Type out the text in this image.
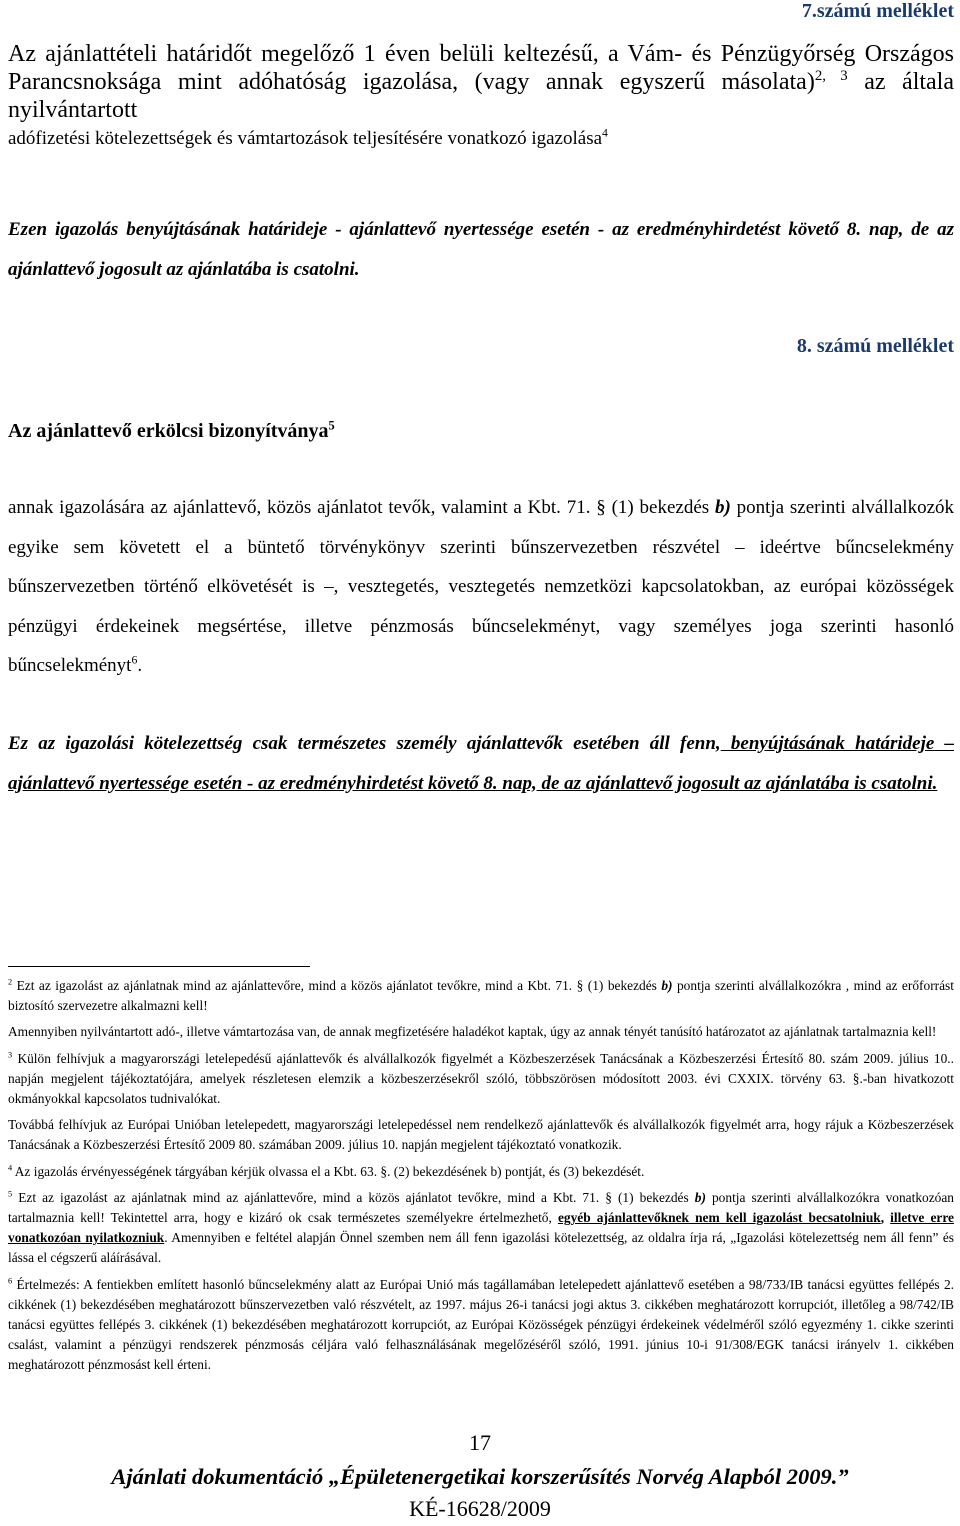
7.számú melléklet
Az ajánlattételi határidőt megelőző 1 éven belüli keltezésű, a Vám- és Pénzügyőrség Országos Parancsnoksága mint adóhatóság igazolása, (vagy annak egyszerű másolata)$^{2, 3}$ az általa nyilvántartott
adófizetési kötelezettségek és vámtartozások teljesítésére vonatkozó igazolása$^4$
Ezen igazolás benyújtásának határideje - ajánlattevő nyertessége esetén - az eredményhirdetést követő 8. nap, de az ajánlattevő jogosult az ajánlatába is csatolni.
8. számú melléklet
Az ajánlattevő erkölcsi bizonyítványa$^5$
annak igazolására az ajánlattevő, közös ajánlatot tevők, valamint a Kbt. 71. § (1) bekezdés b) pontja szerinti alvállalkozók egyike sem követett el a büntető törvénykönyv szerinti bűnszervezetben részvétel – ideértve bűncselekmény bűnszervezetben történő elkövetését is –, vesztegetés, vesztegetés nemzetközi kapcsolatokban, az európai közösségek pénzügyi érdekeinek megsértése, illetve pénzmosás bűncselekményt, vagy személyes joga szerinti hasonló bűncselekményt$^6$.
Ez az igazolási kötelezettség csak természetes személy ajánlattevők esetében áll fenn, benyújtásának határideje – ajánlattevő nyertessége esetén - az eredményhirdetést követő 8. nap, de az ajánlattevő jogosult az ajánlatába is csatolni.
$^2$ Ezt az igazolást az ajánlatnak mind az ajánlattevőre, mind a közös ajánlatot tevőkre, mind a Kbt. 71. § (1) bekezdés b) pontja szerinti alvállalkozókra , mind az erőforrást biztosító szervezetre alkalmazni kell!
Amennyiben nyilvántartott adó-, illetve vámtartozása van, de annak megfizetésére haladékot kaptak, úgy az annak tényét tanúsító határozatot az ajánlatnak tartalmaznia kell!
$^3$ Külön felhívjuk a magyarországi letelepedésű ajánlattevők és alvállalkozók figyelmét a Közbeszerzések Tanácsának a Közbeszerzési Értesítő 80. szám 2009. július 10.. napján megjelent tájékoztatójára, amelyek részletesen elemzik a közbeszerzésekről szóló, többszörösen módosított 2003. évi CXXIX. törvény 63. §.-ban hivatkozott okmányokkal kapcsolatos tudnivalókat.
Továbbá felhívjuk az Európai Unióban letelepedett, magyarországi letelepedéssel nem rendelkező ajánlattevők és alvállalkozók figyelmét arra, hogy rájuk a Közbeszerzések Tanácsának a Közbeszerzési Értesítő 2009 80. számában 2009. július 10. napján megjelent tájékoztató vonatkozik.
$^4$ Az igazolás érvényességének tárgyában kérjük olvassa el a Kbt. 63. §. (2) bekezdésének b) pontját, és (3) bekezdését.
$^5$ Ezt az igazolást az ajánlatnak mind az ajánlattevőre, mind a közös ajánlatot tevőkre, mind a Kbt. 71. § (1) bekezdés b) pontja szerinti alvállalkozókra vonatkozóan tartalmaznia kell! Tekintettel arra, hogy e kizáró ok csak természetes személyekre értelmezhető, egyéb ajánlattevőknek nem kell igazolást becsatolniuk, illetve erre vonatkozóan nyilatkozniuk. Amennyiben e feltétel alapján Önnel szemben nem áll fenn igazolási kötelezettség, az oldalra írja rá, „Igazolási kötelezettség nem áll fenn” és lássa el cégszerű aláírásával.
$^6$ Értelmezés: A fentiekben említett hasonló bűncselekmény alatt az Európai Unió más tagállamában letelepedett ajánlattevő esetében a 98/733/IB tanácsi együttes fellépés 2. cikkének (1) bekezdésében meghatározott bűnszervezetben való részvételt, az 1997. május 26-i tanácsi jogi aktus 3. cikkében meghatározott korrupciót, illetőleg a 98/742/IB tanácsi együttes fellépés 3. cikkének (1) bekezdésében meghatározott korrupciót, az Európai Közösségek pénzügyi érdekeinek védelméről szóló egyezmény 1. cikke szerinti csalást, valamint a pénzügyi rendszerek pénzmosás céljára való felhasználásának megelőzéséről szóló, 1991. június 10-i 91/308/EGK tanácsi irányelv 1. cikkében meghatározott pénzmosást kell érteni.
17
Ajánlati dokumentáció „Épületenergetikai korszerűsítés Norvég Alapból 2009.”
KÉ-16628/2009
